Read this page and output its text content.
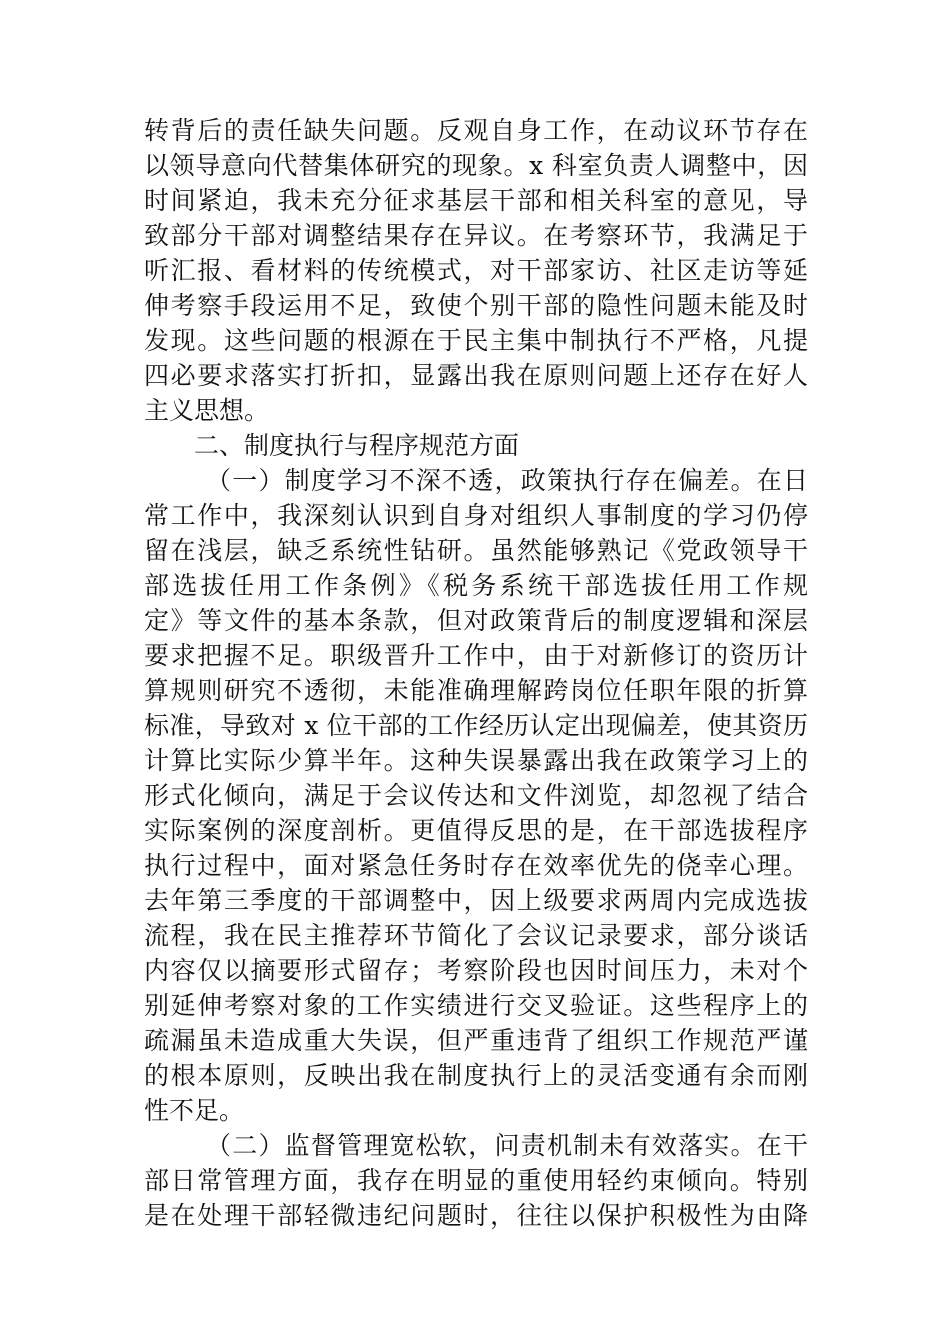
转背后的责任缺失问题。反观自身工作，在动议环节存在
以领导意向代替集体研究的现象。x 科室负责人调整中，因
时间紧迫，我未充分征求基层干部和相关科室的意见，导
致部分干部对调整结果存在异议。在考察环节，我满足于
听汇报、看材料的传统模式，对干部家访、社区走访等延
伸考察手段运用不足，致使个别干部的隐性问题未能及时
发现。这些问题的根源在于民主集中制执行不严格，凡提
四必要求落实打折扣，显露出我在原则问题上还存在好人
主义思想。
二、制度执行与程序规范方面
（一）制度学习不深不透，政策执行存在偏差。在日
常工作中，我深刻认识到自身对组织人事制度的学习仍停
留在浅层，缺乏系统性钻研。虽然能够熟记《党政领导干
部选拔任用工作条例》《税务系统干部选拔任用工作规
定》等文件的基本条款，但对政策背后的制度逻辑和深层
要求把握不足。职级晋升工作中，由于对新修订的资历计
算规则研究不透彻，未能准确理解跨岗位任职年限的折算
标准，导致对 x 位干部的工作经历认定出现偏差，使其资历
计算比实际少算半年。这种失误暴露出我在政策学习上的
形式化倾向，满足于会议传达和文件浏览，却忽视了结合
实际案例的深度剖析。更值得反思的是，在干部选拔程序
执行过程中，面对紧急任务时存在效率优先的侥幸心理。
去年第三季度的干部调整中，因上级要求两周内完成选拔
流程，我在民主推荐环节简化了会议记录要求，部分谈话
内容仅以摘要形式留存；考察阶段也因时间压力，未对个
别延伸考察对象的工作实绩进行交叉验证。这些程序上的
疏漏虽未造成重大失误，但严重违背了组织工作规范严谨
的根本原则，反映出我在制度执行上的灵活变通有余而刚
性不足。
（二）监督管理宽松软，问责机制未有效落实。在干
部日常管理方面，我存在明显的重使用轻约束倾向。特别
是在处理干部轻微违纪问题时，往往以保护积极性为由降
